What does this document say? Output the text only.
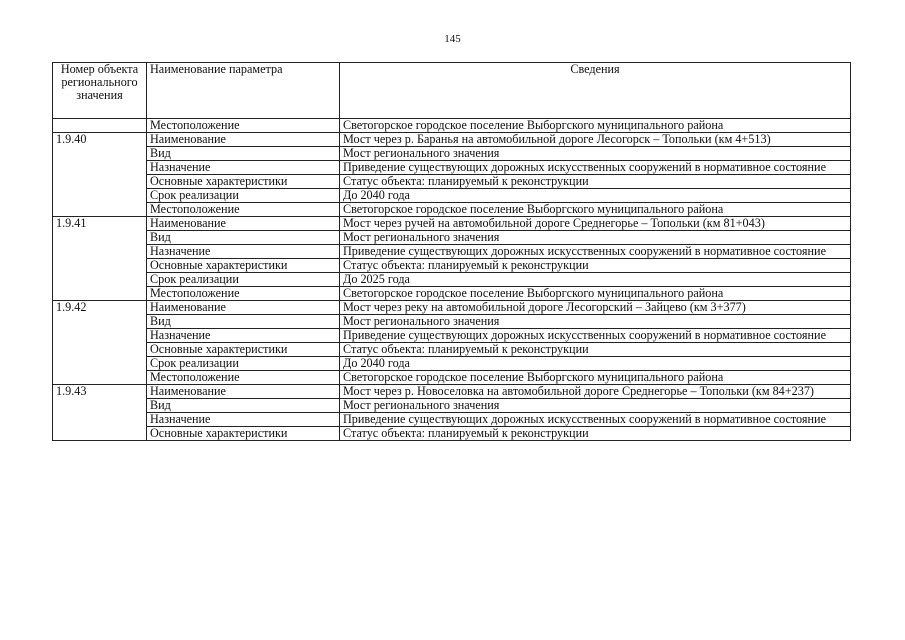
145
Номер объекта регионального значения	Наименование параметра	Сведения
	Местоположение	Светогорское городское поселение Выборгского муниципального района
1.9.40	Наименование	Мост через р. Баранья на автомобильной дороге Лесогорск – Топольки (км 4+513)
	Вид	Мост регионального значения
	Назначение	Приведение существующих дорожных искусственных сооружений в нормативное состояние
	Основные характеристики	Статус объекта: планируемый к реконструкции
	Срок реализации	До 2040 года
	Местоположение	Светогорское городское поселение Выборгского муниципального района
1.9.41	Наименование	Мост через ручей на автомобильной дороге Среднегорье – Топольки (км 81+043)
	Вид	Мост регионального значения
	Назначение	Приведение существующих дорожных искусственных сооружений в нормативное состояние
	Основные характеристики	Статус объекта: планируемый к реконструкции
	Срок реализации	До 2025 года
	Местоположение	Светогорское городское поселение Выборгского муниципального района
1.9.42	Наименование	Мост через реку на автомобильной дороге Лесогорский – Зайцево (км 3+377)
	Вид	Мост регионального значения
	Назначение	Приведение существующих дорожных искусственных сооружений в нормативное состояние
	Основные характеристики	Статус объекта: планируемый к реконструкции
	Срок реализации	До 2040 года
	Местоположение	Светогорское городское поселение Выборгского муниципального района
1.9.43	Наименование	Мост через р. Новоселовка на автомобильной дороге Среднегорье – Топольки (км 84+237)
	Вид	Мост регионального значения
	Назначение	Приведение существующих дорожных искусственных сооружений в нормативное состояние
	Основные характеристики	Статус объекта: планируемый к реконструкции
